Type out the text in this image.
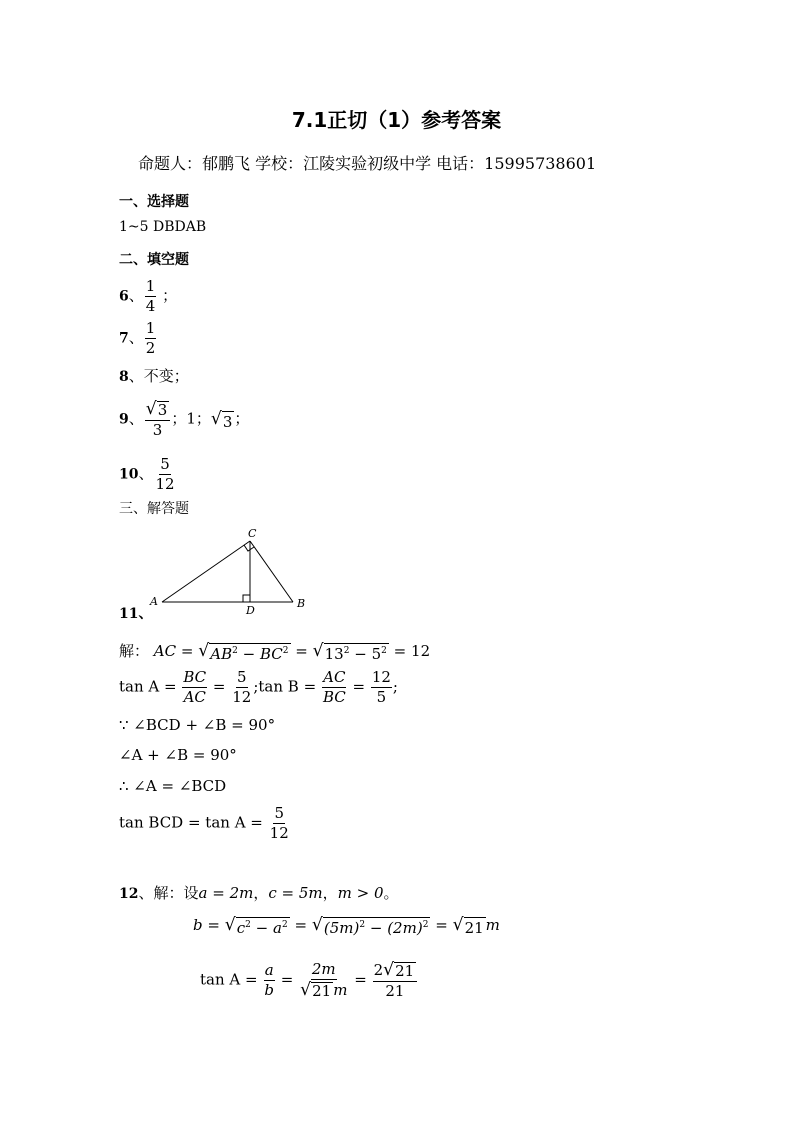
7.1正切（1）参考答案
命题人：郁鹏飞 学校：江陵实验初级中学 电话：15995738601
一、选择题
1~5 DBDAB
二、填空题
6、 $\frac{1}{4}$ ；
7、 $\frac{1}{2}$
8、不变；
9、 $\frac{√ 3}{3}$ ；1； √ 3 ；
10、 $\frac{5}{12}$
三、解答题
A	B
C
D
11、
解： AC = √ $AB^2 - BC^2$ = √ $13^2 - 5^2 = 12$
$\tan A = \frac{BC}{AC} = \frac{5}{12}$ ;tan $B = \frac{AC}{BC} = \frac{12}{5}$ ;
∵ ∠BCD + ∠B = 90°
∠A + ∠B = 90°
∴ ∠A = ∠BCD
tan BCD = $\tan A = \frac{5}{12}$
12、解：设a = 2m，c = 5m，m > 0。
b = √ $c^2 - a^2$ = √ $(5m)^2 - (2m)^2$ = √ 21 m
$\tan A = \frac{a}{b} = \frac{2m}{√ 21 m} = \frac{2 √ 21}{21}$
